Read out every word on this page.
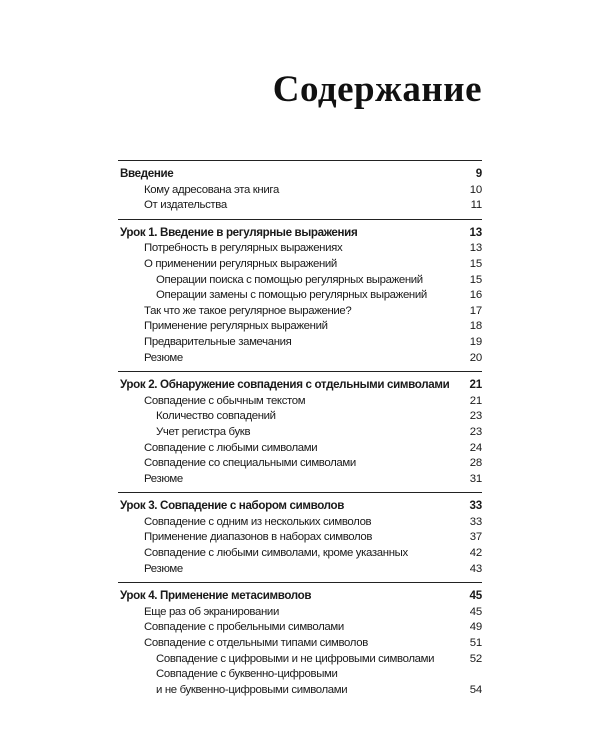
Содержание
Введение	9
Кому адресована эта книга	10
От издательства	11
Урок 1. Введение в регулярные выражения	13
Потребность в регулярных выражениях	13
О применении регулярных выражений	15
Операции поиска с помощью регулярных выражений	15
Операции замены с помощью регулярных выражений	16
Так что же такое регулярное выражение?	17
Применение регулярных выражений	18
Предварительные замечания	19
Резюме	20
Урок 2. Обнаружение совпадения с отдельными символами	21
Совпадение с обычным текстом	21
Количество совпадений	23
Учет регистра букв	23
Совпадение с любыми символами	24
Совпадение со специальными символами	28
Резюме	31
Урок 3. Совпадение с набором символов	33
Совпадение с одним из нескольких символов	33
Применение диапазонов в наборах символов	37
Совпадение с любыми символами, кроме указанных	42
Резюме	43
Урок 4. Применение метасимволов	45
Еще раз об экранировании	45
Совпадение с пробельными символами	49
Совпадение с отдельными типами символов	51
Совпадение с цифровыми и не цифровыми символами	52
Совпадение с буквенно-цифровыми
и не буквенно-цифровыми символами	54
